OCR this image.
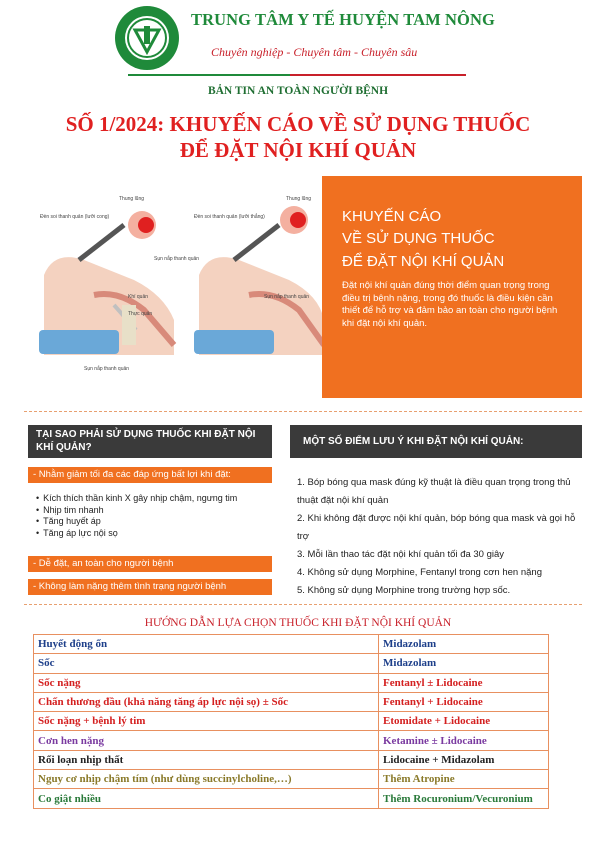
TRUNG TÂM Y TẾ HUYỆN TAM NÔNG
Chuyên nghiệp - Chuyên tâm - Chuyên sâu
BẢN TIN AN TOÀN NGƯỜI BỆNH
SỐ 1/2024: KHUYẾN CÁO VỀ SỬ DỤNG THUỐC
ĐỂ ĐẶT NỘI KHÍ QUẢN
Thung lũng
Đèn soi thanh quản (lưỡi cong)
Sụn nắp thanh quản
Khí quản
Thực quản
Sụn nắp thanh quản
Thung lũng
Đèn soi thanh quản (lưỡi thẳng)
Sụn nắp thanh quản
KHUYẾN CÁO
VỀ SỬ DỤNG THUỐC
ĐỂ ĐẶT NỘI KHÍ QUẢN
Đặt nội khí quản đúng thời điểm quan trọng trong điều trị bệnh nặng, trong đó thuốc là điều kiện cần thiết để hỗ trợ và đảm bảo an toàn cho người bệnh khi đặt nội khí quản.
TẠI SAO PHẢI SỬ DỤNG THUỐC KHI ĐẶT NỘI KHÍ QUẢN?
- Nhằm giảm tối đa các đáp ứng bất lợi khi đặt:
• Kích thích thần kinh X gây nhịp chậm, ngưng tim
• Nhịp tim nhanh
• Tăng huyết áp
• Tăng áp lực nội sọ
- Dễ đặt, an toàn cho người bệnh
- Không làm nặng thêm tình trạng người bệnh
MỘT SỐ ĐIỂM LƯU Ý KHI ĐẶT NỘI KHÍ QUẢN:
1. Bóp bóng qua mask đúng kỹ thuật là điều quan trọng trong thủ thuật đặt nội khí quản
2. Khi không đặt được nội khí quản, bóp bóng qua mask và gọi hỗ trợ
3. Mỗi lần thao tác đặt nội khí quản tối đa 30 giây
4. Không sử dụng Morphine, Fentanyl trong cơn hen nặng
5. Không sử dụng Morphine trong trường hợp sốc.
HƯỚNG DẪN LỰA CHỌN THUỐC KHI ĐẶT NỘI KHÍ QUẢN
Huyết động ổn	Midazolam
Sốc	Midazolam
Sốc nặng	Fentanyl ± Lidocaine
Chấn thương đầu (khả năng tăng áp lực nội sọ) ± Sốc	Fentanyl + Lidocaine
Sốc nặng + bệnh lý tim	Etomidate + Lidocaine
Cơn hen nặng	Ketamine ± Lidocaine
Rối loạn nhịp thất	Lidocaine + Midazolam
Nguy cơ nhịp chậm tím (như dùng succinylcholine,…)	Thêm Atropine
Co giật nhiều	Thêm Rocuronium/Vecuronium
